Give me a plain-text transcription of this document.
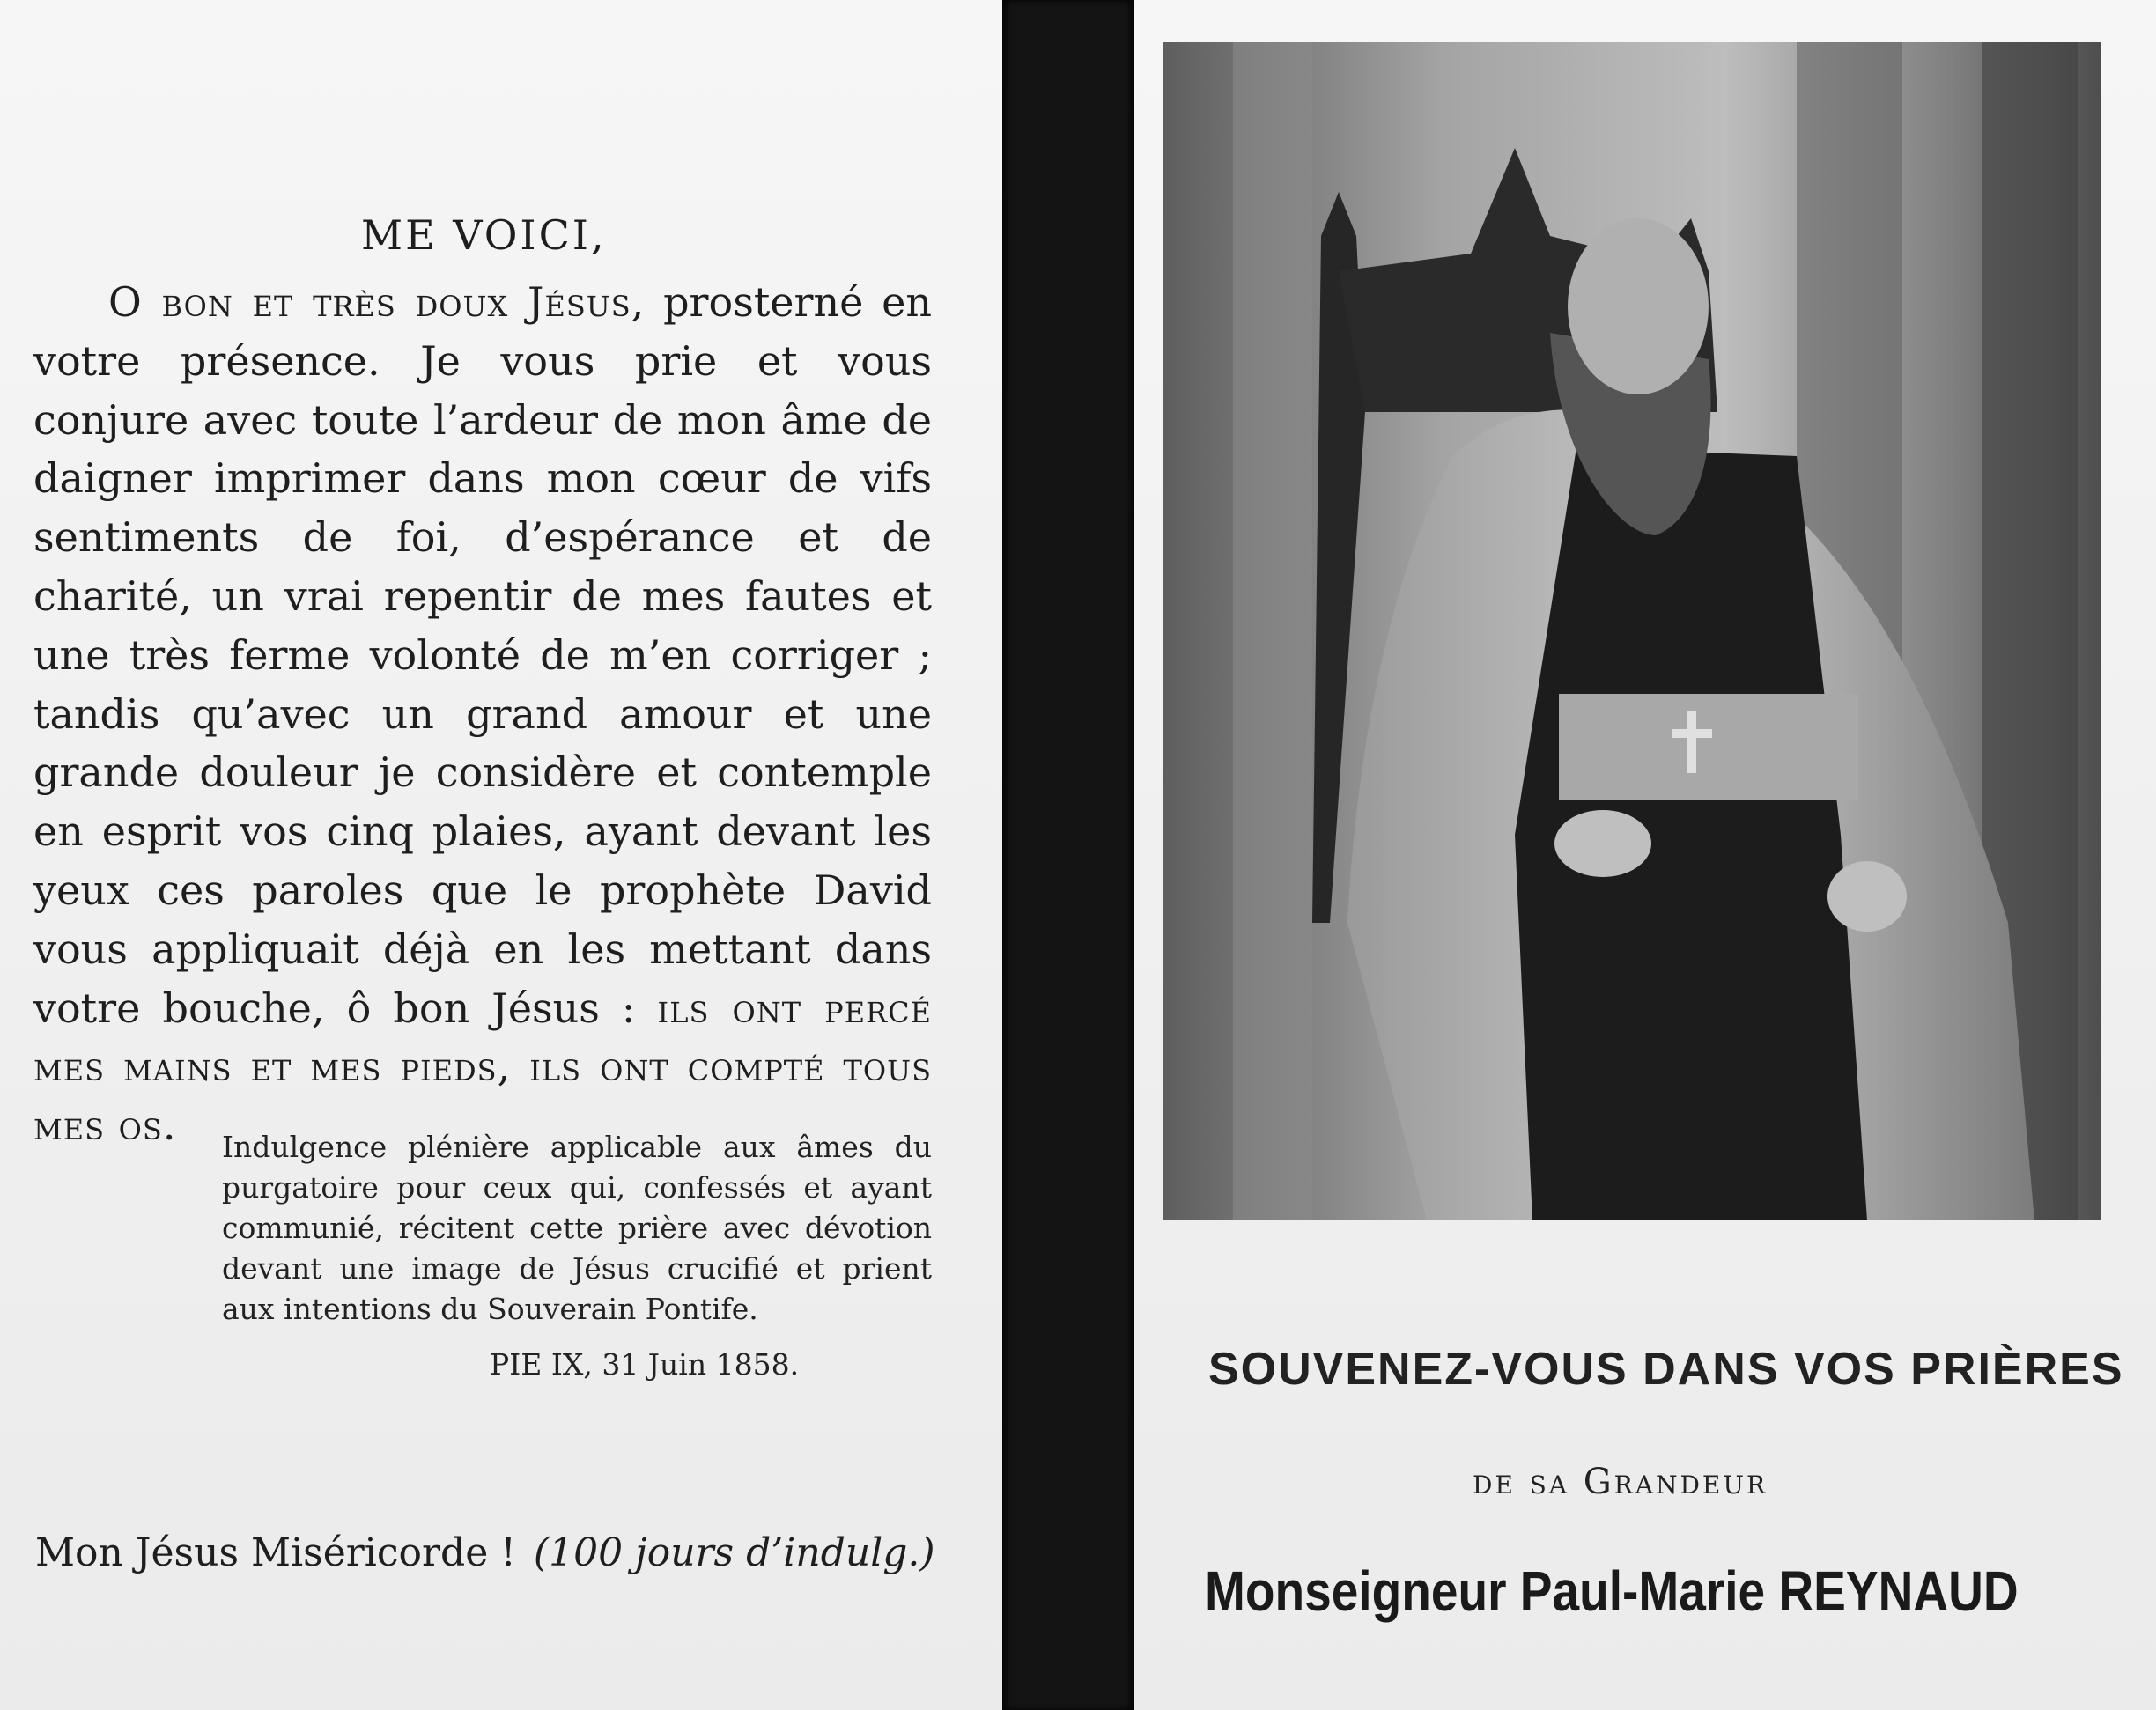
ME VOICI,

O bon et très doux Jésus, prosterné en votre présence. Je vous prie et vous conjure avec toute l’ardeur de mon âme de daigner imprimer dans mon cœur de vifs sentiments de foi, d’espérance et de charité, un vrai repentir de mes fautes et une très ferme volonté de m’en corriger ; tandis qu’avec un grand amour et une grande douleur je considère et contemple en esprit vos cinq plaies, ayant devant les yeux ces paroles que le prophète David vous appliquait déjà en les mettant dans votre bouche, ô bon Jésus : ils ont percé mes mains et mes pieds, ils ont compté tous mes os.	Indulgence plénière applicable aux âmes du purgatoire pour ceux qui, confessés et ayant communié, récitent cette prière avec dévotion devant une image de Jésus crucifié et prient aux intentions du Souverain Pontife.

PIE IX, 31 Juin 1858.

Mon Jésus Miséricorde ! (100 jours d’indulg.)

SOUVENEZ-VOUS DANS VOS PRIÈRES

de sa Grandeur

Monseigneur Paul-Marie REYNAUD
